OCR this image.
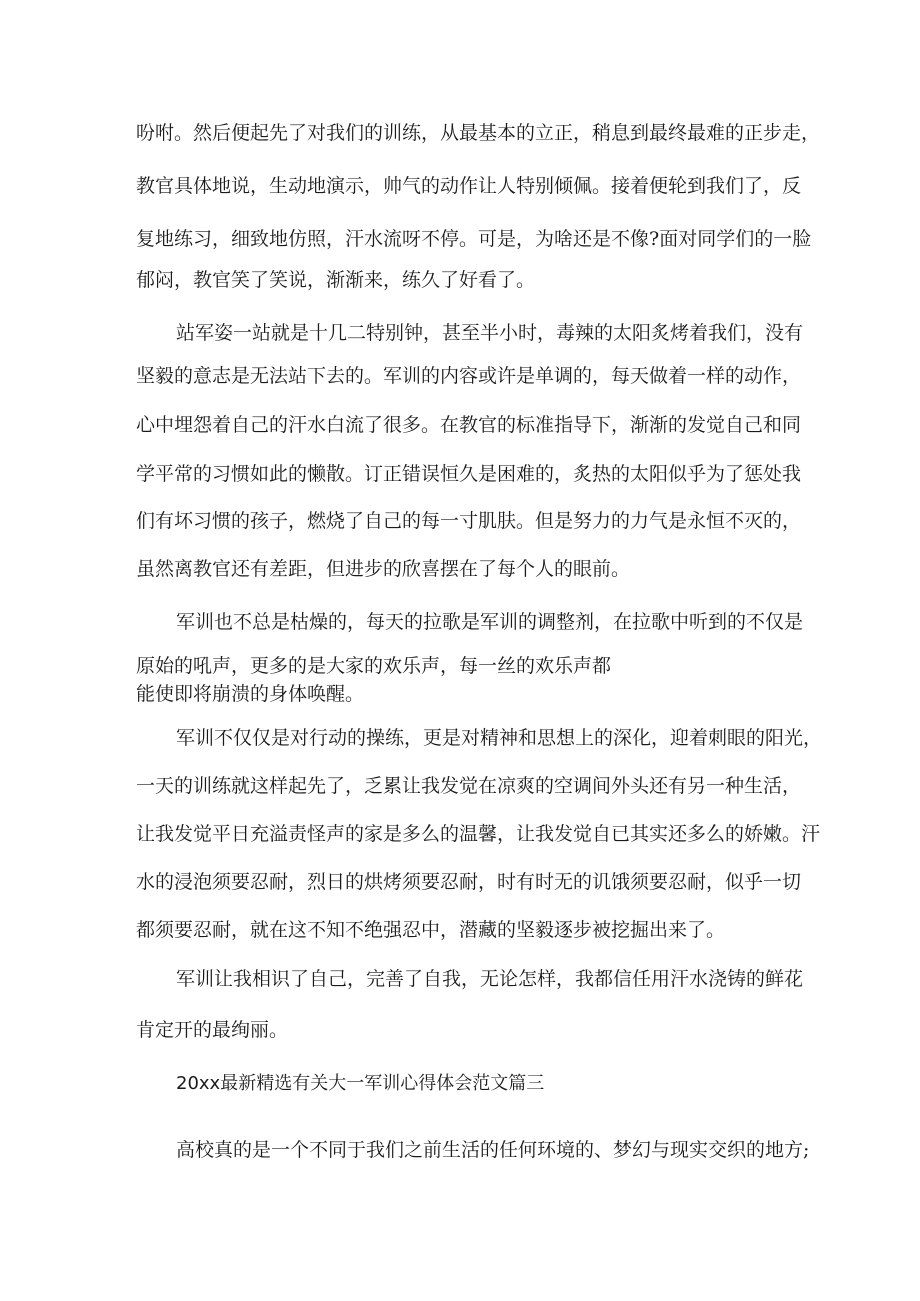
吩咐。然后便起先了对我们的训练，从最基本的立正，稍息到最终最难的正步走，
教官具体地说，生动地演示，帅气的动作让人特别倾佩。接着便轮到我们了，反
复地练习，细致地仿照，汗水流呀不停。可是，为啥还是不像?面对同学们的一脸
郁闷，教官笑了笑说，渐渐来，练久了好看了。
站军姿一站就是十几二特别钟，甚至半小时，毒辣的太阳炙烤着我们，没有
坚毅的意志是无法站下去的。军训的内容或许是单调的，每天做着一样的动作，
心中埋怨着自己的汗水白流了很多。在教官的标准指导下，渐渐的发觉自己和同
学平常的习惯如此的懒散。订正错误恒久是困难的，炙热的太阳似乎为了惩处我
们有坏习惯的孩子，燃烧了自己的每一寸肌肤。但是努力的力气是永恒不灭的，
虽然离教官还有差距，但进步的欣喜摆在了每个人的眼前。
军训也不总是枯燥的，每天的拉歌是军训的调整剂，在拉歌中听到的不仅是
原始的吼声，更多的是大家的欢乐声，每一丝的欢乐声都
能使即将崩溃的身体唤醒。
军训不仅仅是对行动的操练，更是对精神和思想上的深化，迎着刺眼的阳光，
一天的训练就这样起先了，乏累让我发觉在凉爽的空调间外头还有另一种生活，
让我发觉平日充溢责怪声的家是多么的温馨，让我发觉自已其实还多么的娇嫩。汗
水的浸泡须要忍耐，烈日的烘烤须要忍耐，时有时无的讥饿须要忍耐，似乎一切
都须要忍耐，就在这不知不绝强忍中，潜藏的坚毅逐步被挖掘出来了。
军训让我相识了自己，完善了自我，无论怎样，我都信任用汗水浇铸的鲜花
肯定开的最绚丽。
20xx最新精选有关大一军训心得体会范文篇三
高校真的是一个不同于我们之前生活的任何环境的、梦幻与现实交织的地方;
